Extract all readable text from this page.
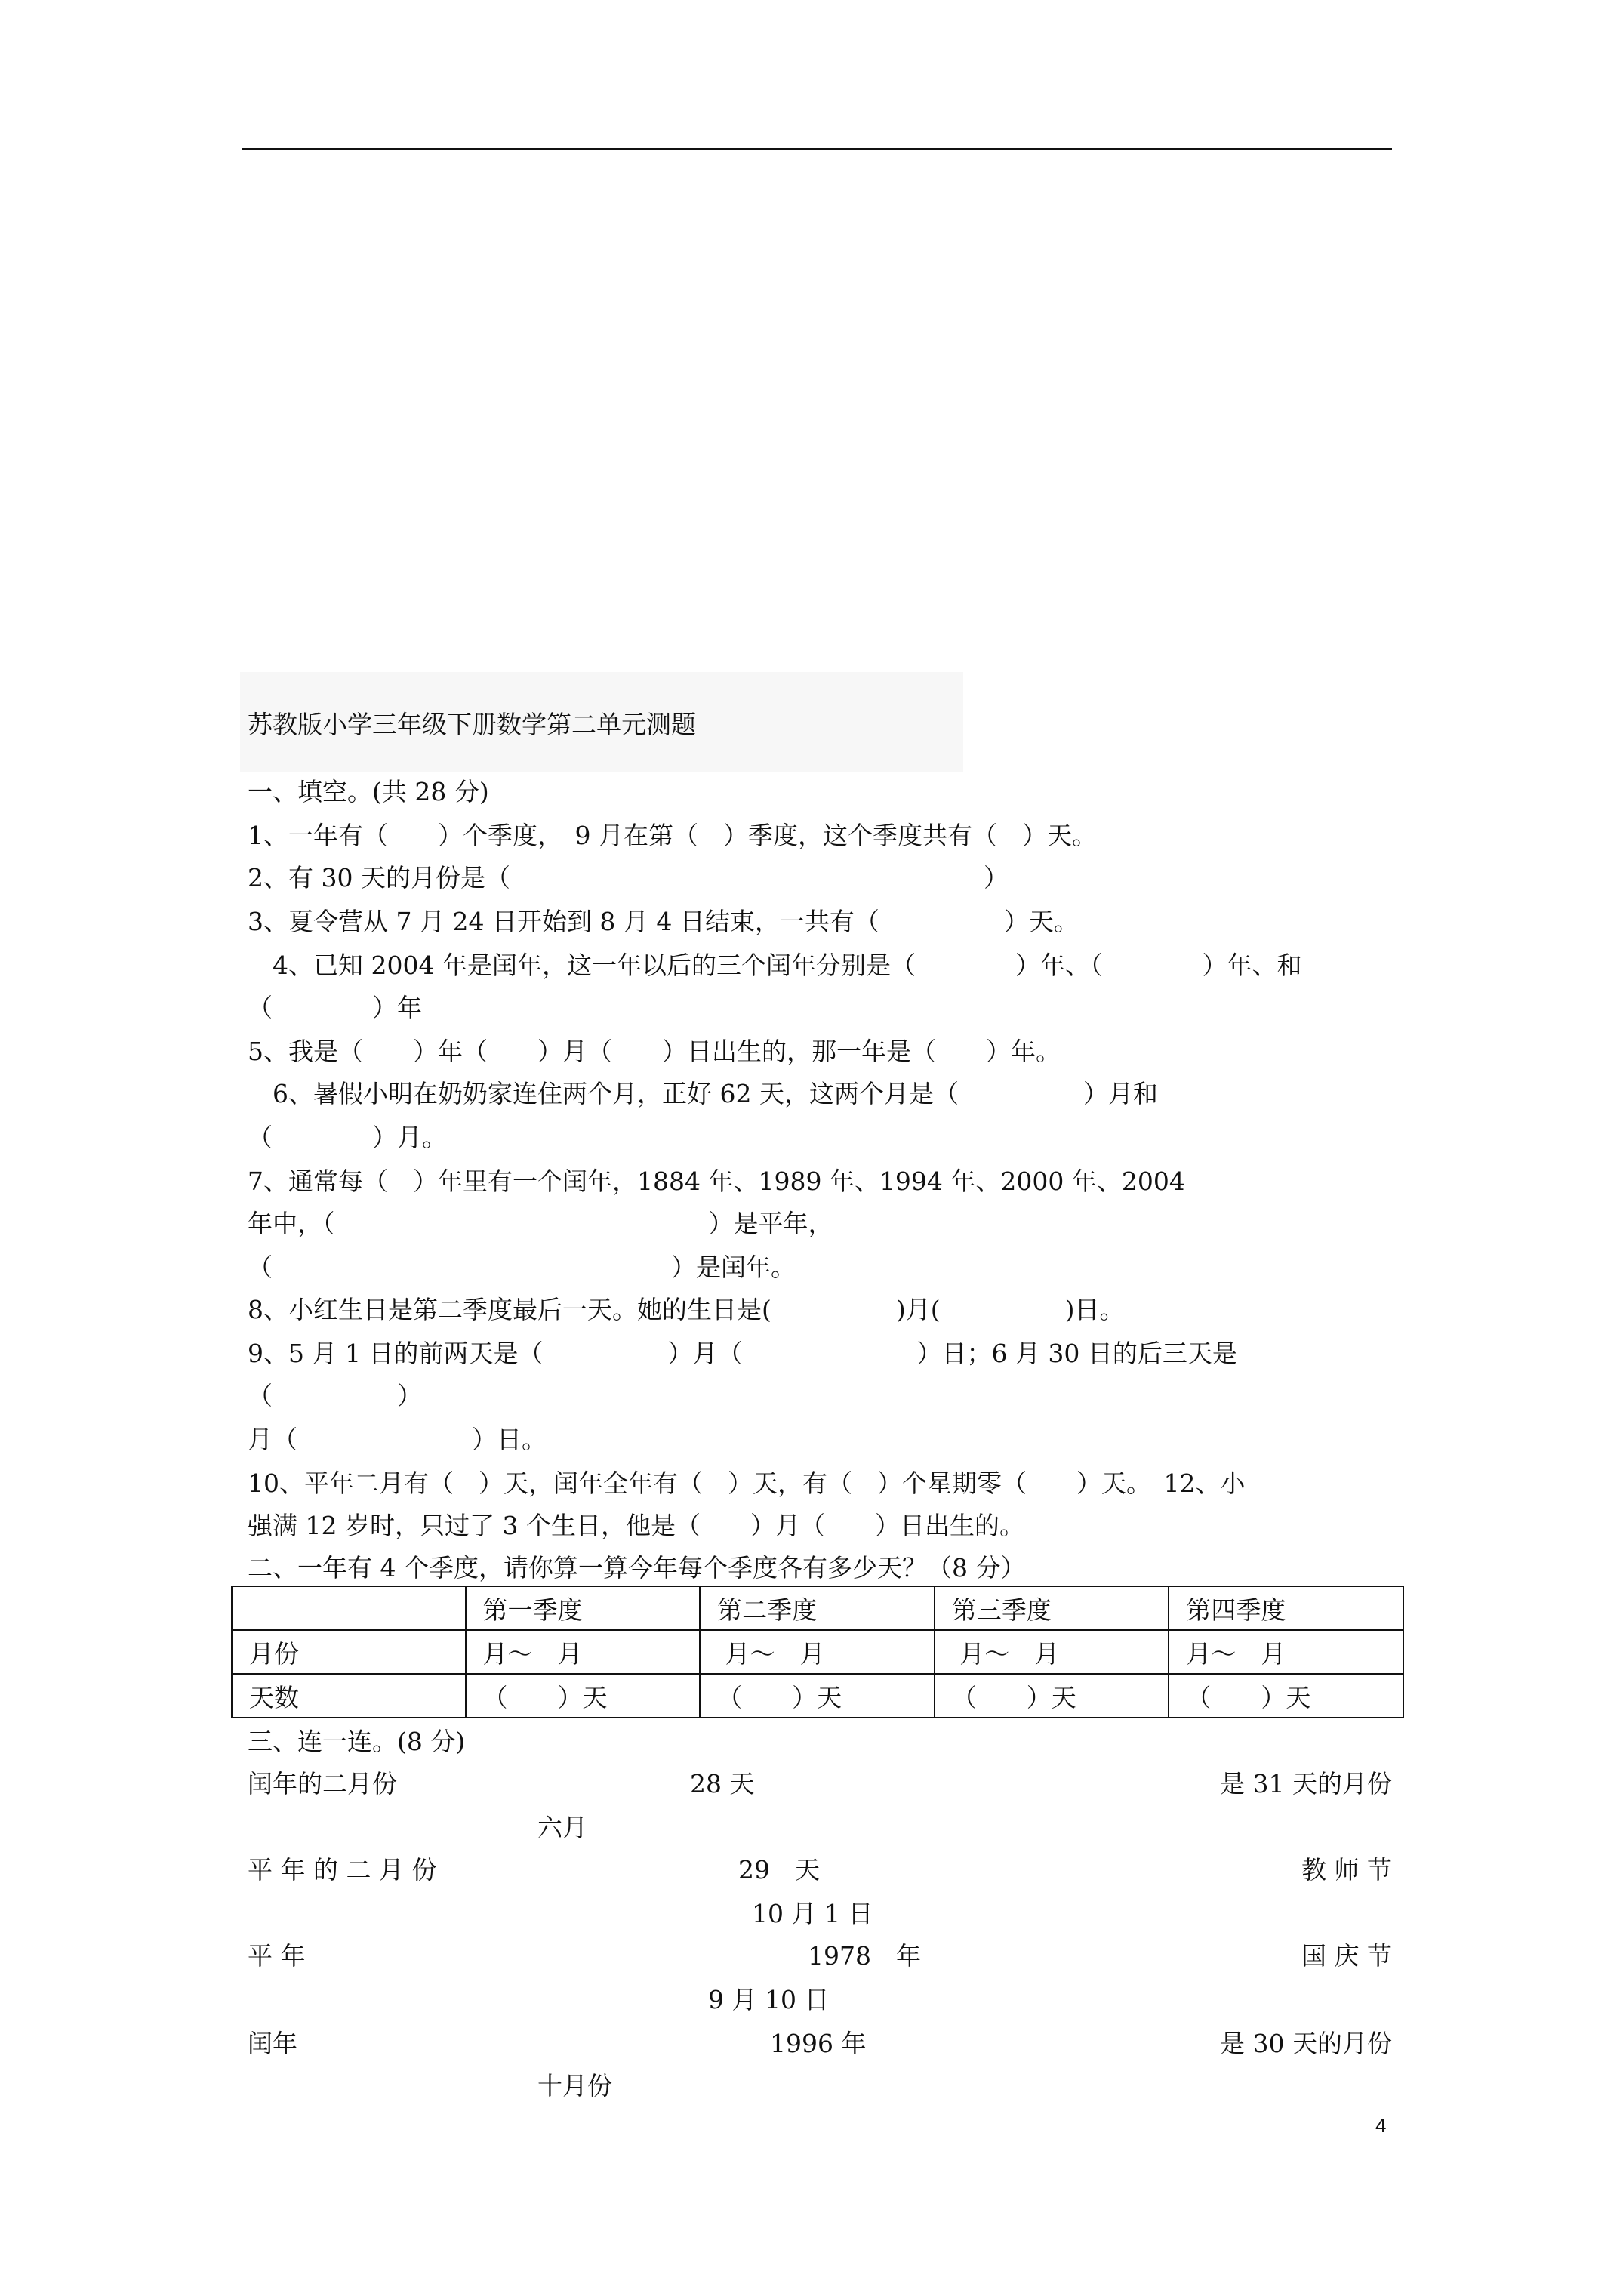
苏教版小学三年级下册数学第二单元测题
一、填空。(共 28 分)
1、一年有（　　）个季度，　9 月在第（　）季度，这个季度共有（　）天。
2、有 30 天的月份是（　　　　　　　　　　　　　　　　　　　）
3、夏令营从 7 月 24 日开始到 8 月 4 日结束，一共有（　　　　　）天。
　4、已知 2004 年是闰年，这一年以后的三个闰年分别是（　　　　）年、（　　　　）年、和
（　　　　）年
5、我是（　　）年（　　）月（　　）日出生的，那一年是（　　）年。
　6、暑假小明在奶奶家连住两个月，正好 62 天，这两个月是（　　　　　）月和
（　　　　）月。
7、通常每（　）年里有一个闰年，1884 年、1989 年、1994 年、2000 年、2004
年中，（　　　　　　　　　　　　　　　）是平年，
（　　　　　　　　　　　　　　　　）是闰年。
8、小红生日是第二季度最后一天。她的生日是(　　　　　)月(　　　　　)日。
9、5 月 1 日的前两天是（　　　　　）月（　　　　　　　）日；6 月 30 日的后三天是
（　　　　　）
月（　　　　　　　）日。
10、平年二月有（　）天，闰年全年有（　）天，有（　）个星期零（　　）天。　12、小
强满 12 岁时，只过了 3 个生日，他是（　　）月（　　）日出生的。
二、一年有 4 个季度，请你算一算今年每个季度各有多少天？（8 分）
	第一季度	第二季度	第三季度	第四季度
月份	月～　月	月～　月	月～　月	月～　月
天数	（　　）天	（　　）天	（　　）天	（　　）天
三、连一连。(8 分)
闰年的二月份	28 天	是 31 天的月份
六月
平 年 的 二 月 份	29　天	教 师 节
10 月 1 日
平 年	1978　年	国 庆 节
9 月 10 日
闰年	1996 年	是 30 天的月份
十月份
4
